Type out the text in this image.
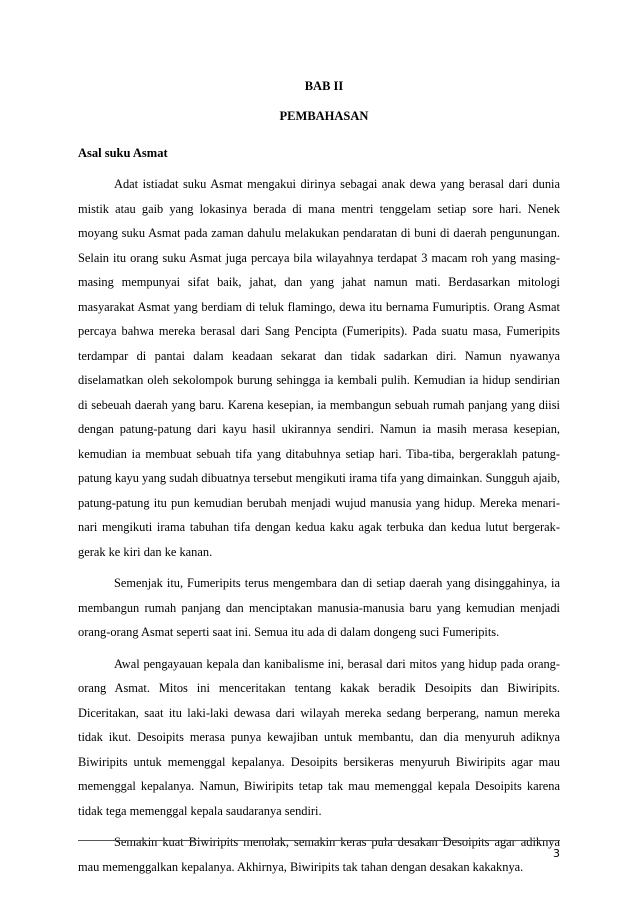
BAB II
PEMBAHASAN
Asal suku Asmat

Adat istiadat suku Asmat mengakui dirinya sebagai anak dewa yang berasal dari dunia mistik atau gaib yang lokasinya berada di mana mentri tenggelam setiap sore hari. Nenek moyang suku Asmat pada zaman dahulu melakukan pendaratan di buni di daerah pengunungan. Selain itu orang suku Asmat juga percaya bila wilayahnya terdapat 3 macam roh yang masing-masing mempunyai sifat baik, jahat, dan yang jahat namun mati. Berdasarkan mitologi masyarakat Asmat yang berdiam di teluk flamingo, dewa itu bernama Fumuriptis. Orang Asmat percaya bahwa mereka berasal dari Sang Pencipta (Fumeripits). Pada suatu masa, Fumeripits terdampar di pantai dalam keadaan sekarat dan tidak sadarkan diri. Namun nyawanya diselamatkan oleh sekolompok burung sehingga ia kembali pulih. Kemudian ia hidup sendirian di sebeuah daerah yang baru. Karena kesepian, ia membangun sebuah rumah panjang yang diisi dengan patung-patung dari kayu hasil ukirannya sendiri. Namun ia masih merasa kesepian, kemudian ia membuat sebuah tifa yang ditabuhnya setiap hari. Tiba-tiba, bergeraklah patung-patung kayu yang sudah dibuatnya tersebut mengikuti irama tifa yang dimainkan. Sungguh ajaib, patung-patung itu pun kemudian berubah menjadi wujud manusia yang hidup. Mereka menari-nari mengikuti irama tabuhan tifa dengan kedua kaku agak terbuka dan kedua lutut bergerak-gerak ke kiri dan ke kanan.

Semenjak itu, Fumeripits terus mengembara dan di setiap daerah yang disinggahinya, ia membangun rumah panjang dan menciptakan manusia-manusia baru yang kemudian menjadi orang-orang Asmat seperti saat ini. Semua itu ada di dalam dongeng suci Fumeripits.

Awal pengayauan kepala dan kanibalisme ini, berasal dari mitos yang hidup pada orang-orang Asmat. Mitos ini menceritakan tentang kakak beradik Desoipits dan Biwiripits. Diceritakan, saat itu laki-laki dewasa dari wilayah mereka sedang berperang, namun mereka tidak ikut. Desoipits merasa punya kewajiban untuk membantu, dan dia menyuruh adiknya Biwiripits untuk memenggal kepalanya. Desoipits bersikeras menyuruh Biwiripits agar mau memenggal kepalanya. Namun, Biwiripits tetap tak mau memenggal kepala Desoipits karena tidak tega memenggal kepala saudaranya sendiri.

Semakin kuat Biwiripits menolak, semakin keras pula desakan Desoipits agar adiknya mau memenggalkan kepalanya. Akhirnya, Biwiripits tak tahan dengan desakan kakaknya.

3
